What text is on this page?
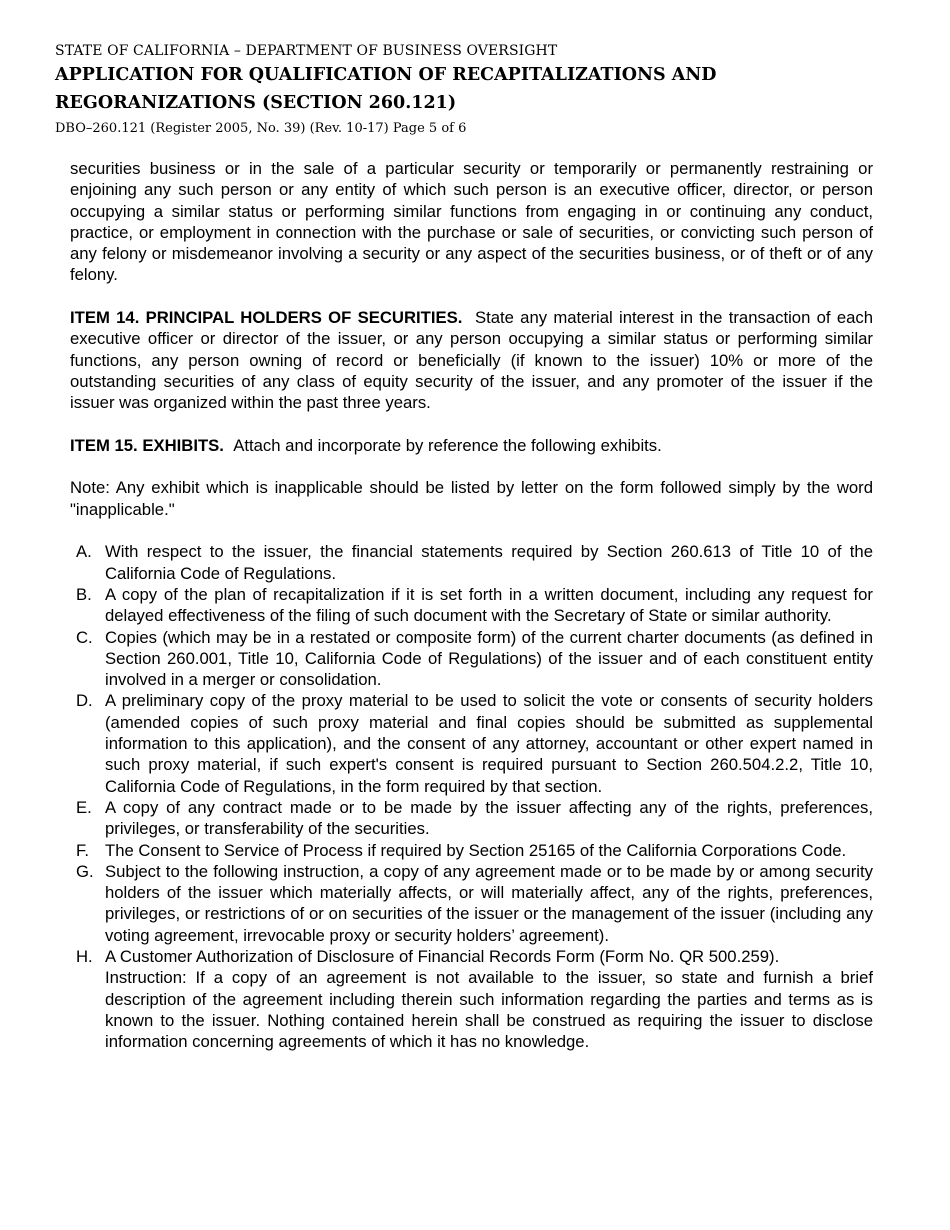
STATE OF CALIFORNIA – DEPARTMENT OF BUSINESS OVERSIGHT
APPLICATION FOR QUALIFICATION OF RECAPITALIZATIONS AND
REGORANIZATIONS (SECTION 260.121)
DBO–260.121 (Register 2005, No. 39) (Rev. 10-17) Page 5 of 6

securities business or in the sale of a particular security or temporarily or permanently restraining or enjoining any such person or any entity of which such person is an executive officer, director, or person occupying a similar status or performing similar functions from engaging in or continuing any conduct, practice, or employment in connection with the purchase or sale of securities, or convicting such person of any felony or misdemeanor involving a security or any aspect of the securities business, or of theft or of any felony.

ITEM 14. PRINCIPAL HOLDERS OF SECURITIES. State any material interest in the transaction of each executive officer or director of the issuer, or any person occupying a similar status or performing similar functions, any person owning of record or beneficially (if known to the issuer) 10% or more of the outstanding securities of any class of equity security of the issuer, and any promoter of the issuer if the issuer was organized within the past three years.

ITEM 15. EXHIBITS. Attach and incorporate by reference the following exhibits.

Note: Any exhibit which is inapplicable should be listed by letter on the form followed simply by the word "inapplicable."

A. With respect to the issuer, the financial statements required by Section 260.613 of Title 10 of the California Code of Regulations.
B. A copy of the plan of recapitalization if it is set forth in a written document, including any request for delayed effectiveness of the filing of such document with the Secretary of State or similar authority.
C. Copies (which may be in a restated or composite form) of the current charter documents (as defined in Section 260.001, Title 10, California Code of Regulations) of the issuer and of each constituent entity involved in a merger or consolidation.
D. A preliminary copy of the proxy material to be used to solicit the vote or consents of security holders (amended copies of such proxy material and final copies should be submitted as supplemental information to this application), and the consent of any attorney, accountant or other expert named in such proxy material, if such expert's consent is required pursuant to Section 260.504.2.2, Title 10, California Code of Regulations, in the form required by that section.
E. A copy of any contract made or to be made by the issuer affecting any of the rights, preferences, privileges, or transferability of the securities.
F. The Consent to Service of Process if required by Section 25165 of the California Corporations Code.
G. Subject to the following instruction, a copy of any agreement made or to be made by or among security holders of the issuer which materially affects, or will materially affect, any of the rights, preferences, privileges, or restrictions of or on securities of the issuer or the management of the issuer (including any voting agreement, irrevocable proxy or security holders’ agreement).
H. A Customer Authorization of Disclosure of Financial Records Form (Form No. QR 500.259).
Instruction: If a copy of an agreement is not available to the issuer, so state and furnish a brief description of the agreement including therein such information regarding the parties and terms as is known to the issuer. Nothing contained herein shall be construed as requiring the issuer to disclose information concerning agreements of which it has no knowledge.
